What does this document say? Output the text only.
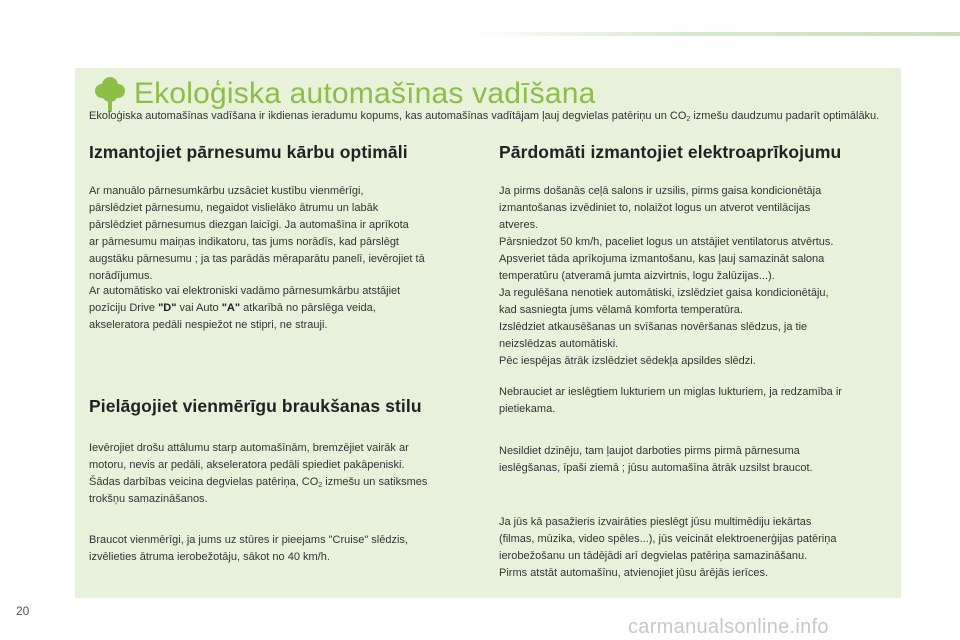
Ekoloģiska automašīnas vadīšana
Ekoloģiska automašīnas vadīšana ir ikdienas ieradumu kopums, kas automašīnas vadītājam ļauj degvielas patēriņu un $CO_2$ izmešu daudzumu padarīt optimālāku.
Izmantojiet pārnesumu kārbu optimāli

Ar manuālo pārnesumkārbu uzsāciet kustību vienmērīgi,

pārslēdziet pārnesumu, negaidot vislielāko ātrumu un labāk

pārslēdziet pārnesumus diezgan laicīgi. Ja automašīna ir aprīkota

ar pārnesumu maiņas indikatoru, tas jums norādīs, kad pārslēgt

augstāku pārnesumu ; ja tas parādās mēraparātu panelī, ievērojiet tā

norādījumus.

Ar automātisko vai elektroniski vadāmo pārnesumkārbu atstājiet

pozīciju Drive "D" vai Auto "A" atkarībā no pārslēga veida,

akseleratora pedāli nespiežot ne stipri, ne strauji.

Pielāgojiet vienmērīgu braukšanas stilu

Ievērojiet drošu attālumu starp automašīnām, bremzējiet vairāk ar

motoru, nevis ar pedāli, akseleratora pedāli spiediet pakāpeniski.

Šādas darbības veicina degvielas patēriņa, $CO_2$ izmešu un satiksmes

trokšņu samazināšanos.

Braucot vienmērīgi, ja jums uz stūres ir pieejams "Cruise" slēdzis,

izvēlieties ātruma ierobežotāju, sākot no 40 km/h.

Pārdomāti izmantojiet elektroaprīkojumu

Ja pirms došanās ceļā salons ir uzsilis, pirms gaisa kondicionētāja

izmantošanas izvēdiniet to, nolaižot logus un atverot ventilācijas

atveres.

Pārsniedzot 50 km/h, paceliet logus un atstājiet ventilatorus atvērtus.

Apsveriet tāda aprīkojuma izmantošanu, kas ļauj samazināt salona

temperatūru (atveramā jumta aizvirtnis, logu žalūzijas...).

Ja regulēšana nenotiek automātiski, izslēdziet gaisa kondicionētāju,

kad sasniegta jums vēlamā komforta temperatūra.

Izslēdziet atkausēšanas un svīšanas novēršanas slēdzus, ja tie

neizslēdzas automātiski.

Pēc iespējas ātrāk izslēdziet sēdekļa apsildes slēdzi.

Nebrauciet ar ieslēgtiem lukturiem un miglas lukturiem, ja redzamība ir

pietiekama.

Nesildiet dzinēju, tam ļaujot darboties pirms pirmā pārnesuma

ieslēgšanas, īpaši ziemā ; jūsu automašīna ātrāk uzsilst braucot.

Ja jūs kā pasažieris izvairāties pieslēgt jūsu multimēdiju iekārtas

(filmas, mūzika, video spēles...), jūs veicināt elektroenerģijas patēriņa

ierobežošanu un tādējādi arī degvielas patēriņa samazināšanu.

Pirms atstāt automašīnu, atvienojiet jūsu ārējās ierīces.

20
carmanualsonline.info
